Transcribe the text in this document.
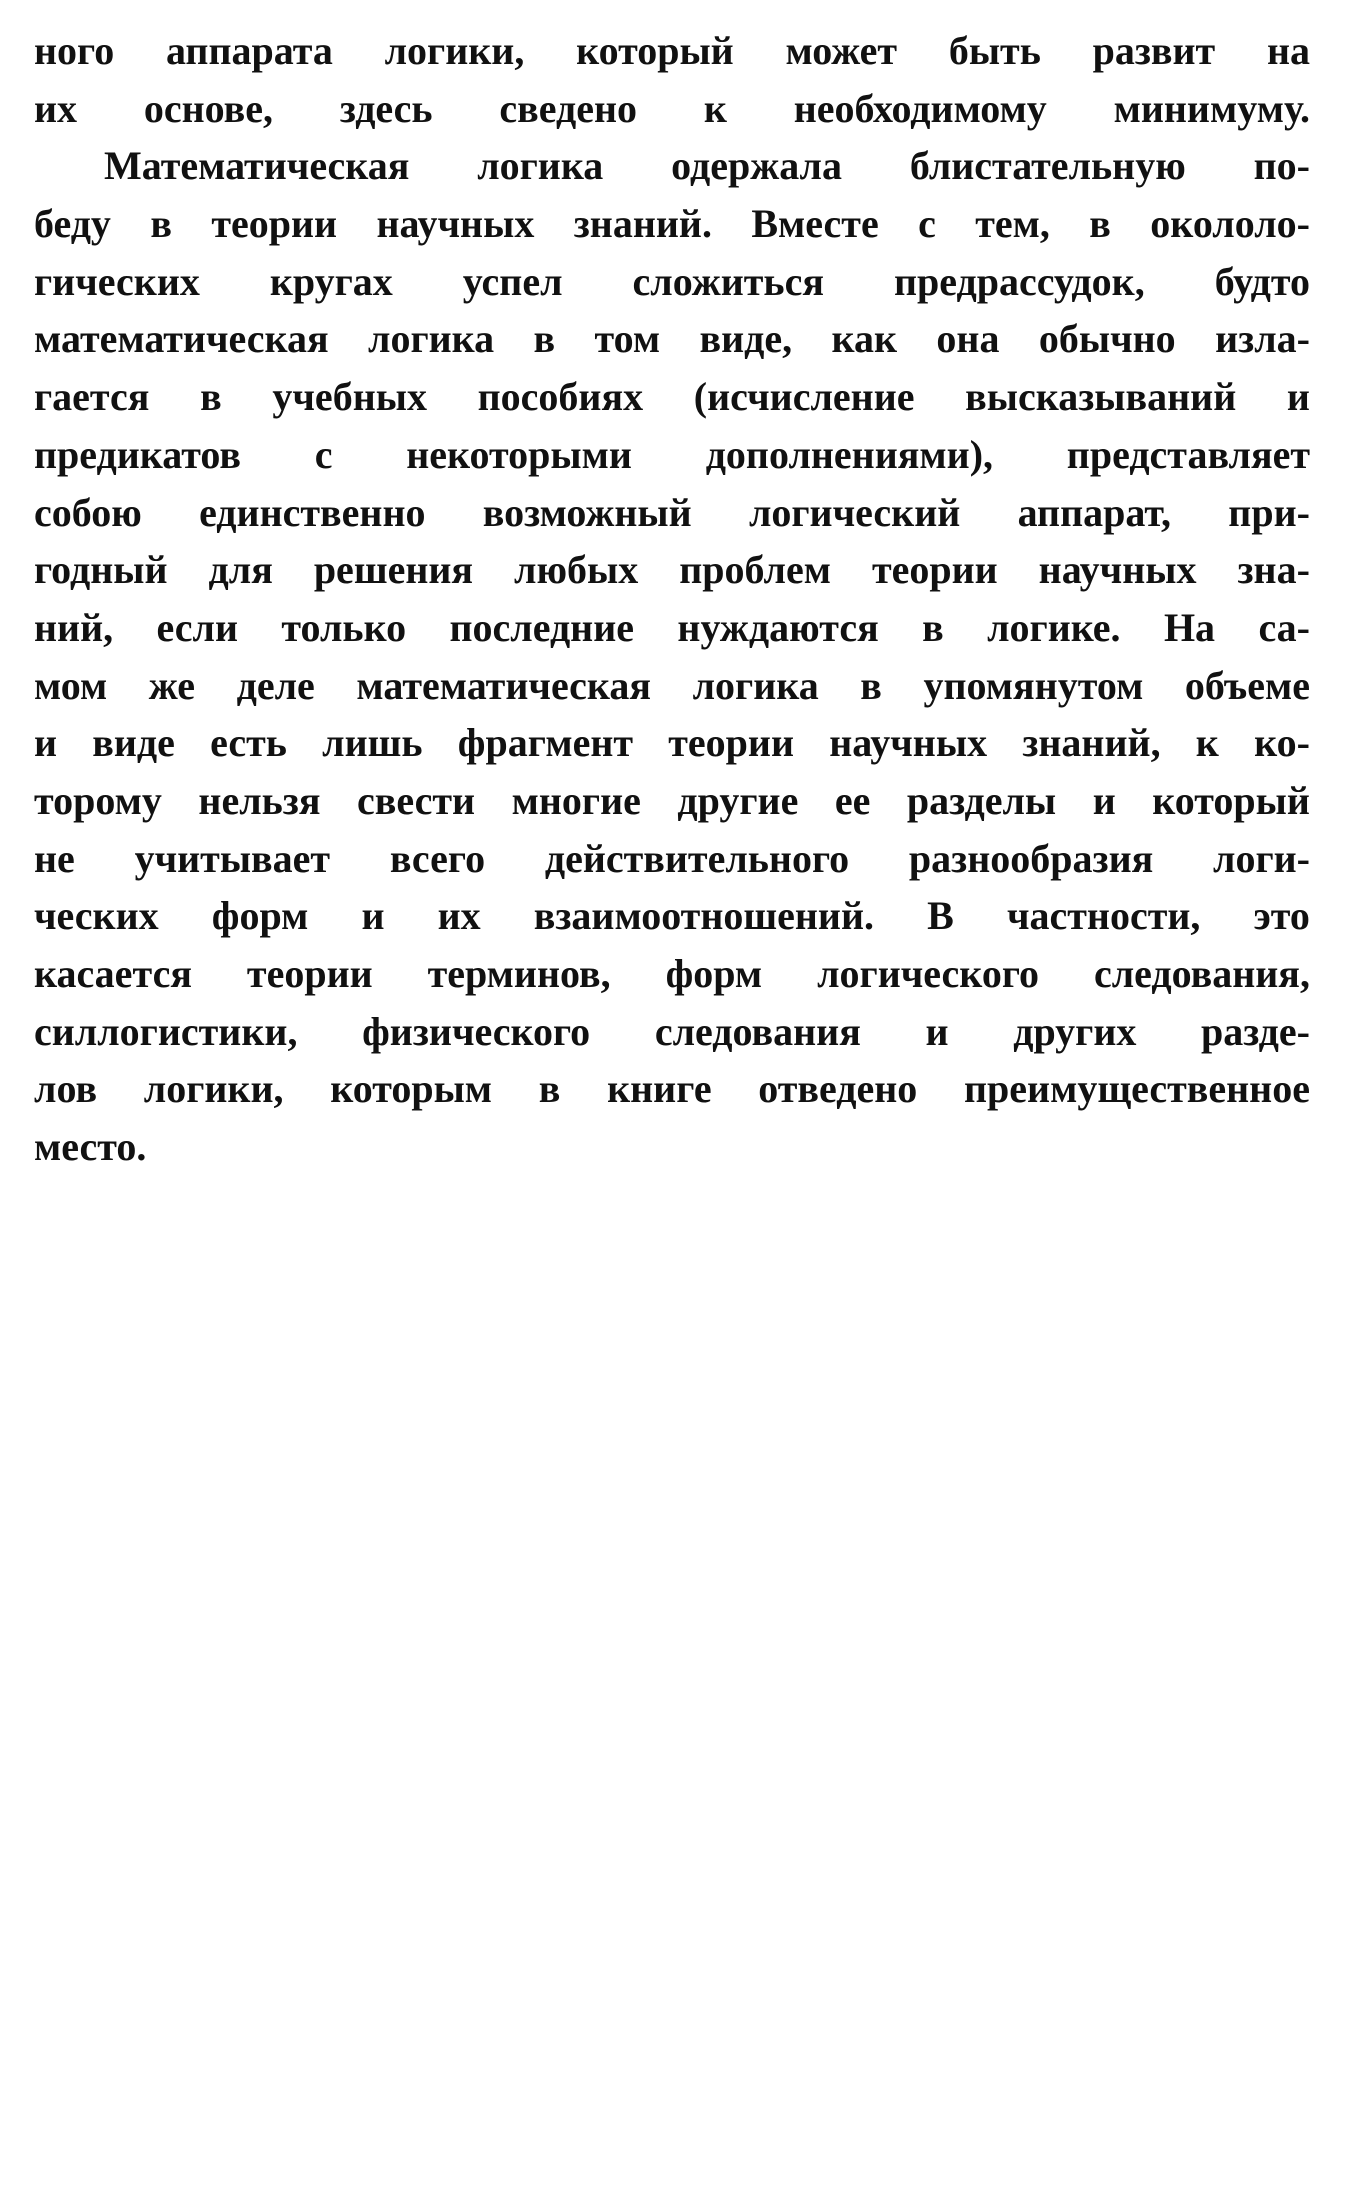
ного аппарата логики, который может быть развит на
их основе, здесь сведено к необходимому минимуму.
Математическая логика одержала блистательную по-
беду в теории научных знаний. Вместе с тем, в окололо-
гических кругах успел сложиться предрассудок, будто
математическая логика в том виде, как она обычно изла-
гается в учебных пособиях (исчисление высказываний и
предикатов с некоторыми дополнениями), представляет
собою единственно возможный логический аппарат, при-
годный для решения любых проблем теории научных зна-
ний, если только последние нуждаются в логике. На са-
мом же деле математическая логика в упомянутом объеме
и виде есть лишь фрагмент теории научных знаний, к ко-
торому нельзя свести многие другие ее разделы и который
не учитывает всего действительного разнообразия логи-
ческих форм и их взаимоотношений. В частности, это
касается теории терминов, форм логического следования,
силлогистики, физического следования и других разде-
лов логики, которым в книге отведено преимущественное
место.
